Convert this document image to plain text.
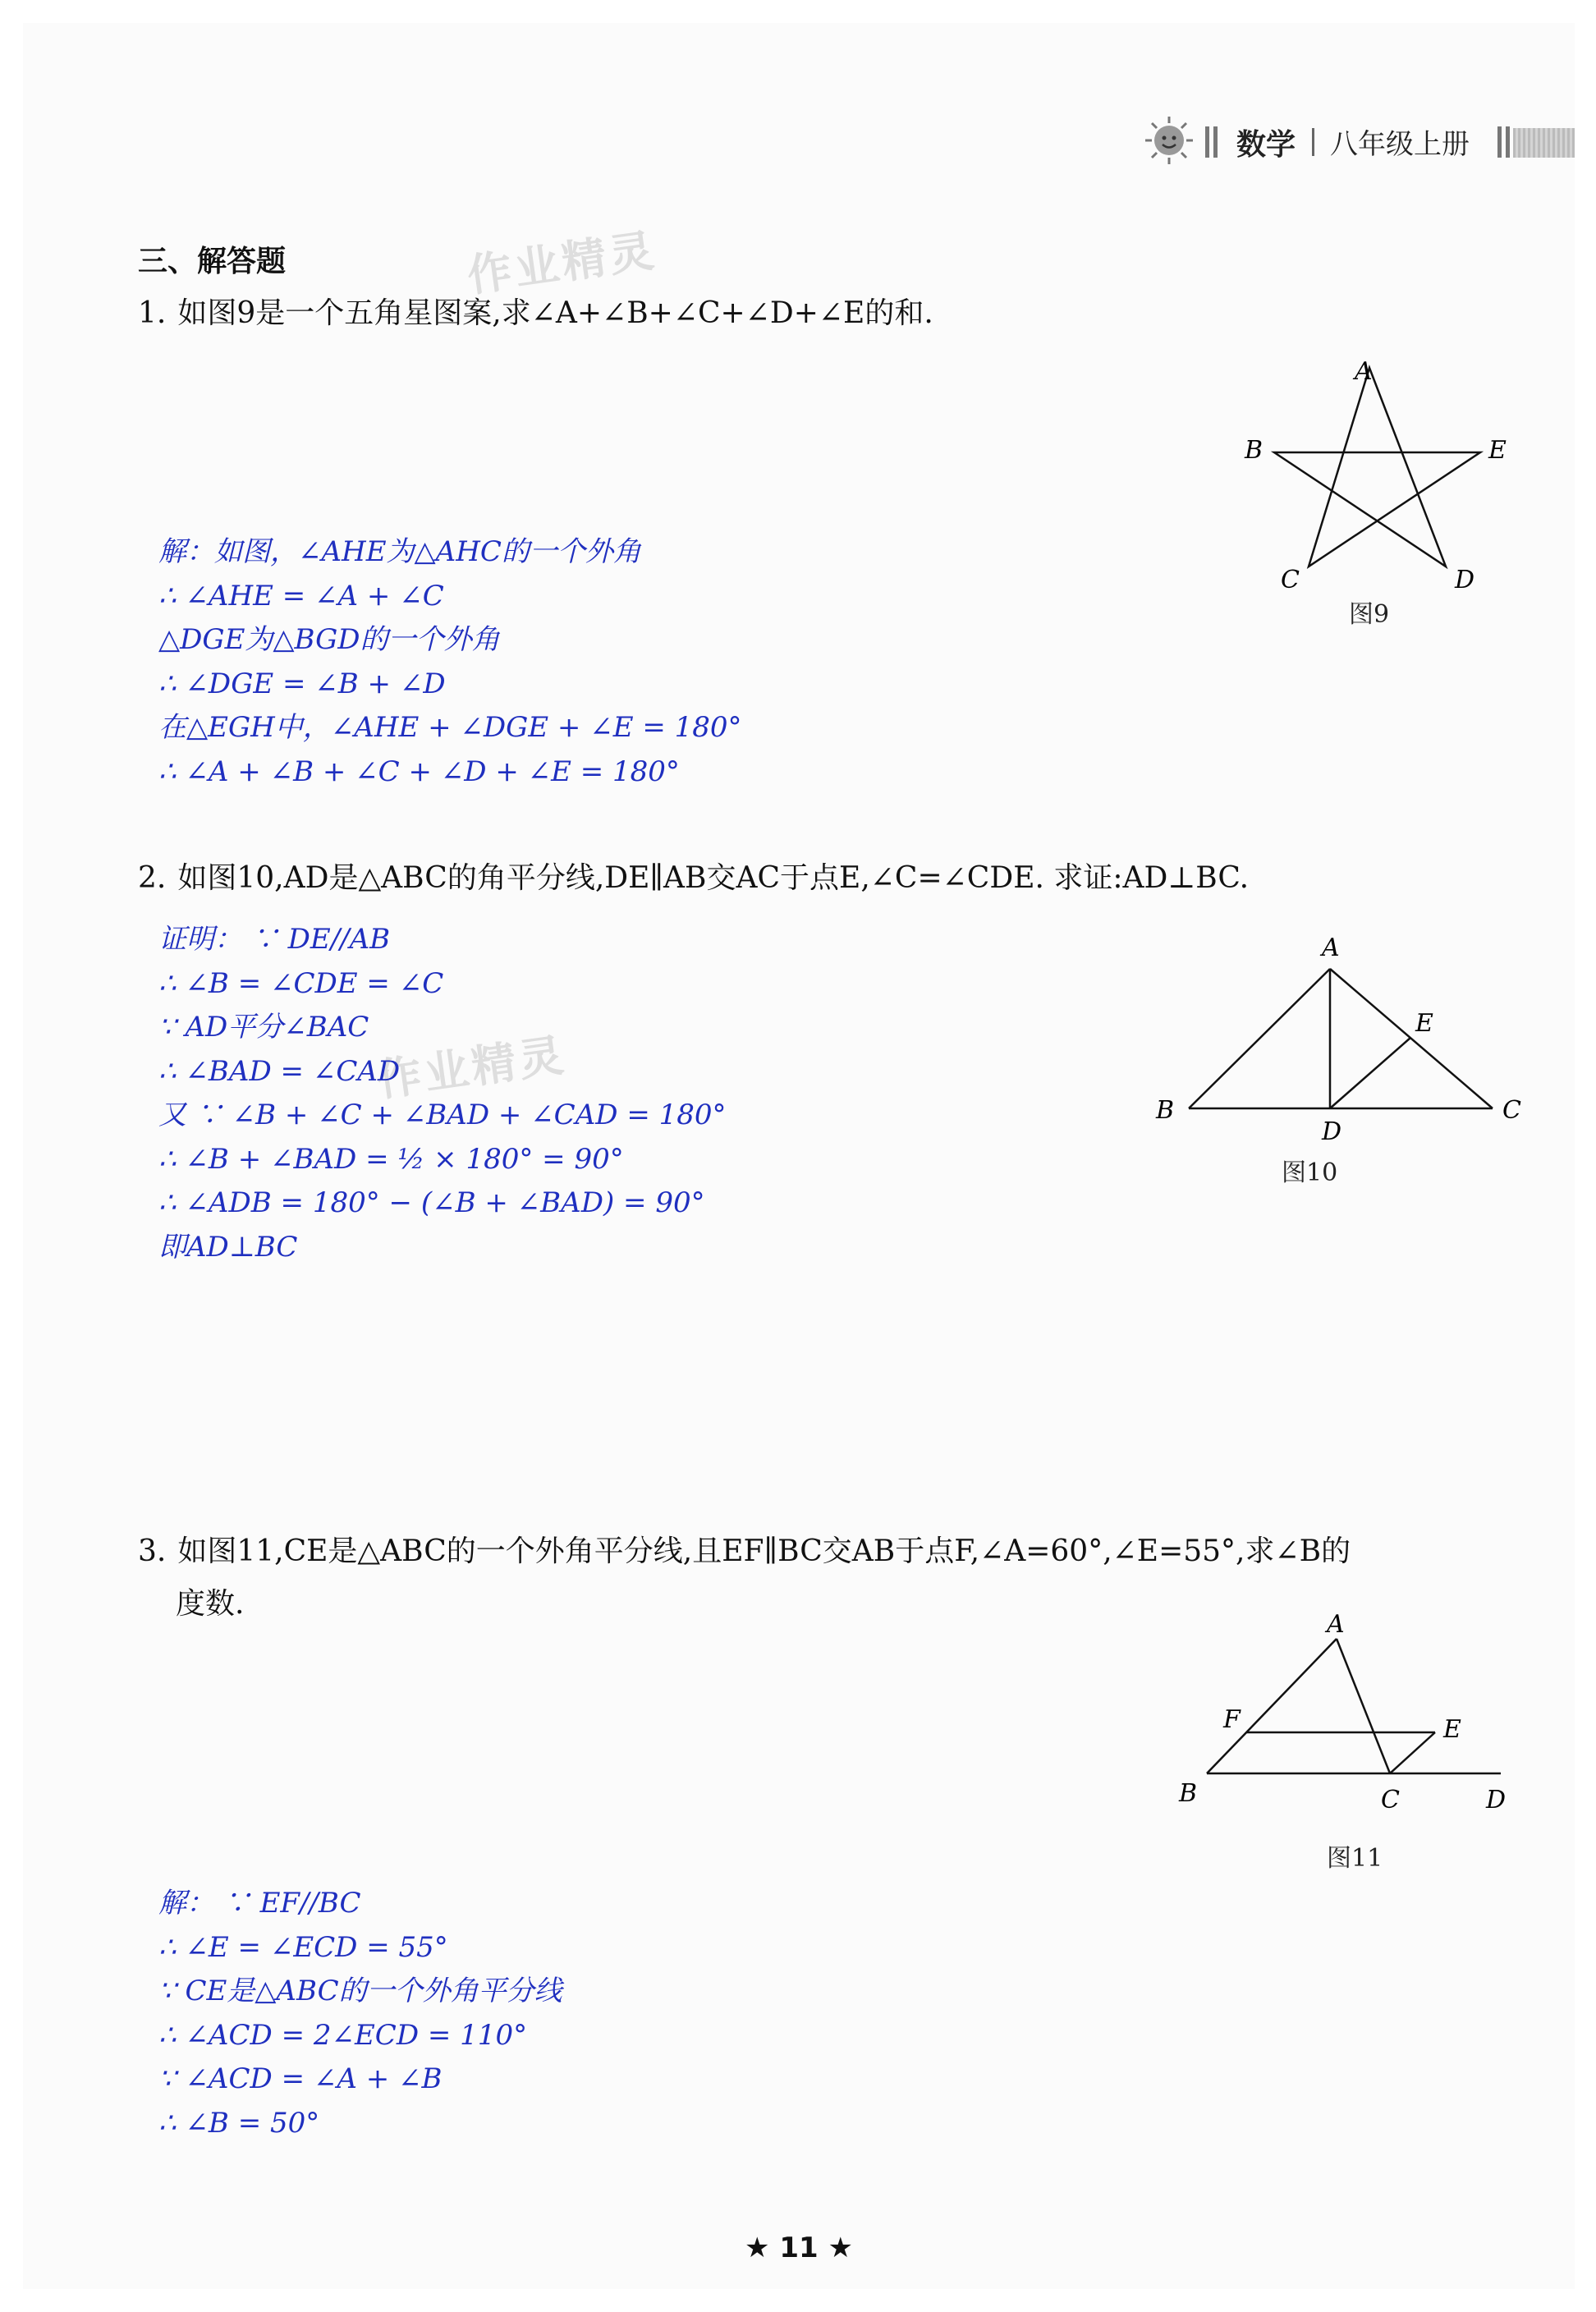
数学 八年级上册
三、解答题	作业精灵
作业精灵
1. 如图9是一个五角星图案,求∠A+∠B+∠C+∠D+∠E的和.
A
B	E
C	D
图9
解：如图，∠AHE为△AHC的一个外角
∴ ∠AHE = ∠A + ∠C
△DGE为△BGD的一个外角
∴ ∠DGE = ∠B + ∠D
在△EGH中，∠AHE + ∠DGE + ∠E = 180°
∴ ∠A + ∠B + ∠C + ∠D + ∠E = 180°
2. 如图10,AD是△ABC的角平分线,DE∥AB交AC于点E,∠C=∠CDE. 求证:AD⊥BC.
A
B	C
D
E
图10
证明： ∵ DE//AB
∴ ∠B = ∠CDE = ∠C
∵ AD平分∠BAC
∴ ∠BAD = ∠CAD
又 ∵ ∠B + ∠C + ∠BAD + ∠CAD = 180°
∴ ∠B + ∠BAD = ½ × 180° = 90°
∴ ∠ADB = 180° − (∠B + ∠BAD) = 90°
即AD⊥BC
3. 如图11,CE是△ABC的一个外角平分线,且EF∥BC交AB于点F,∠A=60°,∠E=55°,求∠B的
度数.
A
F	E
B	C	D
图11
解： ∵ EF//BC
∴ ∠E = ∠ECD = 55°
∵ CE是△ABC的一个外角平分线
∴ ∠ACD = 2∠ECD = 110°
∵ ∠ACD = ∠A + ∠B
∴ ∠B = 50°
★ 11 ★
